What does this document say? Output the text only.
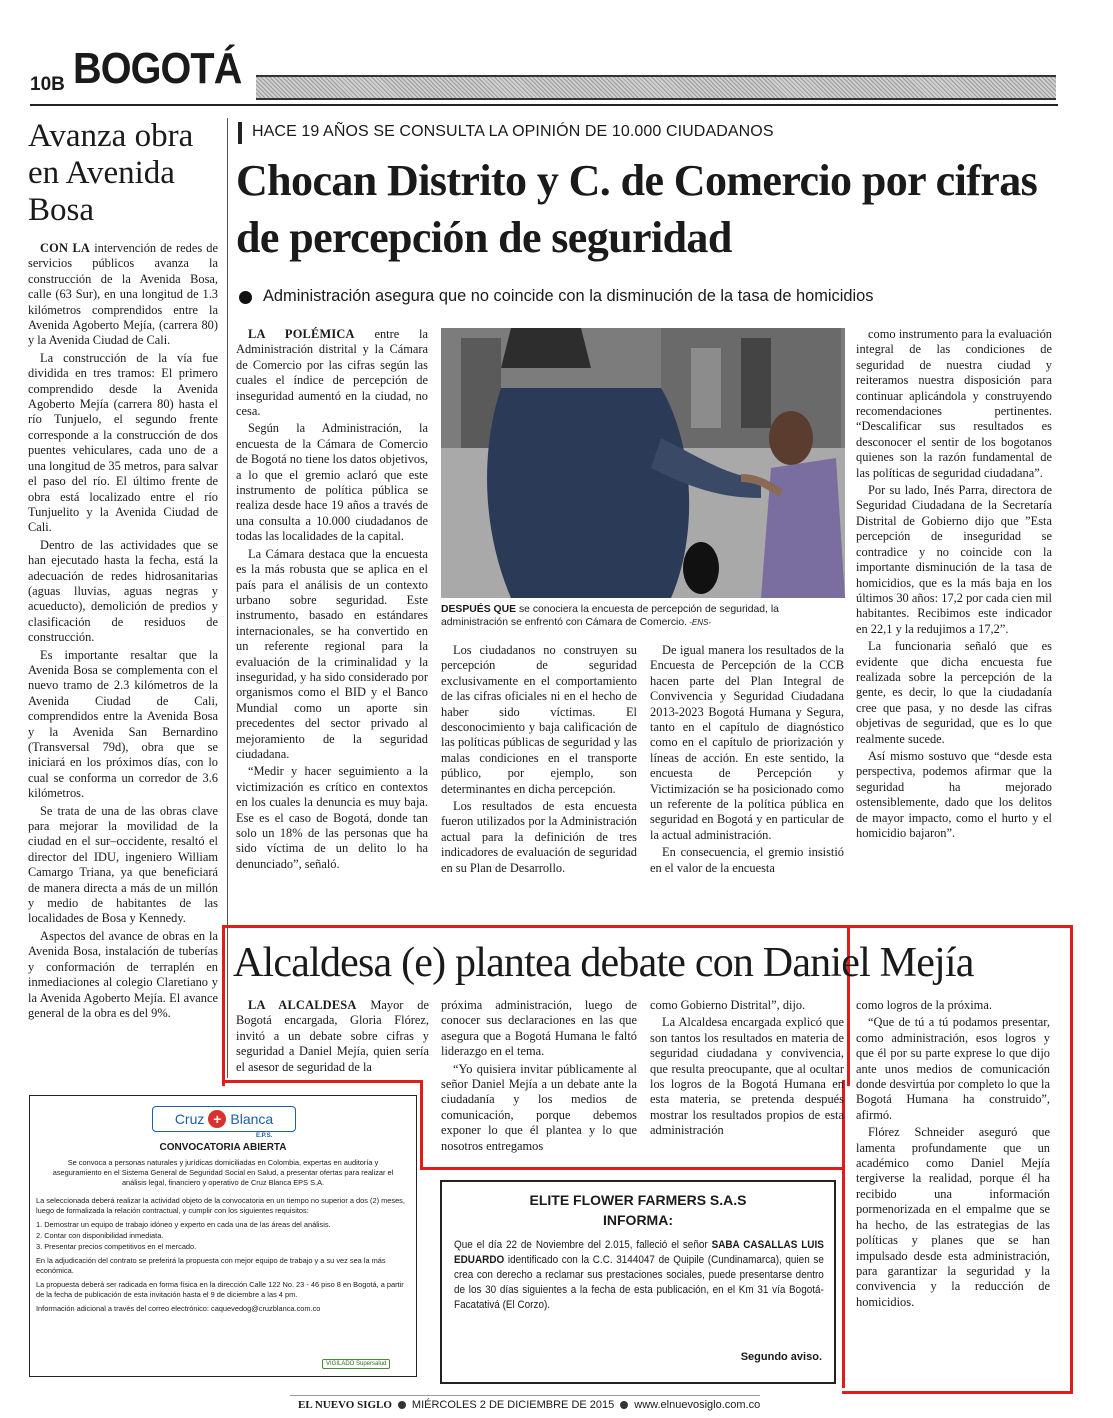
10B BOGOTÁ
Avanza obra en Avenida Bosa

CON LA intervención de redes de servicios públicos avanza la construcción de la Avenida Bosa, calle (63 Sur), en una longitud de 1.3 kilómetros comprendidos entre la Avenida Agoberto Mejía, (carrera 80) y la Avenida Ciudad de Cali.

La construcción de la vía fue dividida en tres tramos: El primero comprendido desde la Avenida Agoberto Mejía (carrera 80) hasta el río Tunjuelo, el segundo frente corresponde a la construcción de dos puentes vehiculares, cada uno de a una longitud de 35 metros, para salvar el paso del río. El último frente de obra está localizado entre el río Tunjuelito y la Avenida Ciudad de Cali.

Dentro de las actividades que se han ejecutado hasta la fecha, está la adecuación de redes hidrosanitarias (aguas lluvias, aguas negras y acueducto), demolición de predios y clasificación de residuos de construcción.

Es importante resaltar que la Avenida Bosa se complementa con el nuevo tramo de 2.3 kilómetros de la Avenida Ciudad de Cali, comprendidos entre la Avenida Bosa y la Avenida San Bernardino (Transversal 79d), obra que se iniciará en los próximos días, con lo cual se conforma un corredor de 3.6 kilómetros.

Se trata de una de las obras clave para mejorar la movilidad de la ciudad en el sur–occidente, resaltó el director del IDU, ingeniero William Camargo Triana, ya que beneficiará de manera directa a más de un millón y medio de habitantes de las localidades de Bosa y Kennedy.

Aspectos del avance de obras en la Avenida Bosa, instalación de tuberías y conformación de terraplén en inmediaciones al colegio Claretiano y la Avenida Agoberto Mejía. El avance general de la obra es del 9%.

HACE 19 AÑOS SE CONSULTA LA OPINIÓN DE 10.000 CIUDADANOS
Chocan Distrito y C. de Comercio por cifras de percepción de seguridad
Administración asegura que no coincide con la disminución de la tasa de homicidios

LA POLÉMICA entre la Administración distrital y la Cámara de Comercio por las cifras según las cuales el índice de percepción de inseguridad aumentó en la ciudad, no cesa.

Según la Administración, la encuesta de la Cámara de Comercio de Bogotá no tiene los datos objetivos, a lo que el gremio aclaró que este instrumento de política pública se realiza desde hace 19 años a través de una consulta a 10.000 ciudadanos de todas las localidades de la capital.

La Cámara destaca que la encuesta es la más robusta que se aplica en el país para el análisis de un contexto urbano sobre seguridad. Este instrumento, basado en estándares internacionales, se ha convertido en un referente regional para la evaluación de la criminalidad y la inseguridad, y ha sido considerado por organismos como el BID y el Banco Mundial como un aporte sin precedentes del sector privado al mejoramiento de la seguridad ciudadana.

“Medir y hacer seguimiento a la victimización es crítico en contextos en los cuales la denuncia es muy baja. Ese es el caso de Bogotá, donde tan solo un 18% de las personas que ha sido víctima de un delito lo ha denunciado”, señaló.

DESPUÉS QUE se conociera la encuesta de percepción de seguridad, la administración se enfrentó con Cámara de Comercio. -ENS-

Los ciudadanos no construyen su percepción de seguridad exclusivamente en el comportamiento de las cifras oficiales ni en el hecho de haber sido víctimas. El desconocimiento y baja calificación de las políticas públicas de seguridad y las malas condiciones en el transporte público, por ejemplo, son determinantes en dicha percepción.

Los resultados de esta encuesta fueron utilizados por la Administración actual para la definición de tres indicadores de evaluación de seguridad en su Plan de Desarrollo.

De igual manera los resultados de la Encuesta de Percepción de la CCB hacen parte del Plan Integral de Convivencia y Seguridad Ciudadana 2013-2023 Bogotá Humana y Segura, tanto en el capítulo de diagnóstico como en el capítulo de priorización y líneas de acción. En este sentido, la encuesta de Percepción y Victimización se ha posicionado como un referente de la política pública en seguridad en Bogotá y en particular de la actual administración.

En consecuencia, el gremio insistió en el valor de la encuesta

como instrumento para la evaluación integral de las condiciones de seguridad de nuestra ciudad y reiteramos nuestra disposición para continuar aplicándola y construyendo recomendaciones pertinentes. “Descalificar sus resultados es desconocer el sentir de los bogotanos quienes son la razón fundamental de las políticas de seguridad ciudadana”.

Por su lado, Inés Parra, directora de Seguridad Ciudadana de la Secretaría Distrital de Gobierno dijo que ”Esta percepción de inseguridad se contradice y no coincide con la importante disminución de la tasa de homicidios, que es la más baja en los últimos 30 años: 17,2 por cada cien mil habitantes. Recibimos este indicador en 22,1 y la redujimos a 17,2”.

La funcionaria señaló que es evidente que dicha encuesta fue realizada sobre la percepción de la gente, es decir, lo que la ciudadanía cree que pasa, y no desde las cifras objetivas de seguridad, que es lo que realmente sucede.

Así mismo sostuvo que “desde esta perspectiva, podemos afirmar que la seguridad ha mejorado ostensiblemente, dado que los delitos de mayor impacto, como el hurto y el homicidio bajaron”.

Alcaldesa (e) plantea debate con Daniel Mejía

LA ALCALDESA Mayor de Bogotá encargada, Gloria Flórez, invitó a un debate sobre cifras y seguridad a Daniel Mejía, quien sería el asesor de seguridad de la

próxima administración, luego de conocer sus declaraciones en las que asegura que a Bogotá Humana le faltó liderazgo en el tema.

“Yo quisiera invitar públicamente al señor Daniel Mejía a un debate ante la ciudadanía y los medios de comunicación, porque debemos exponer lo que él plantea y lo que nosotros entregamos

como Gobierno Distrital”, dijo.

La Alcaldesa encargada explicó que son tantos los resultados en materia de seguridad ciudadana y convivencia, que resulta preocupante, que al ocultar los logros de la Bogotá Humana en esta materia, se pretenda después mostrar los resultados propios de esta administración

como logros de la próxima.

“Que de tú a tú podamos presentar, como administración, esos logros y que él por su parte exprese lo que dijo ante unos medios de comunicación donde desvirtúa por completo lo que la Bogotá Humana ha construido”, afirmó.

Flórez Schneider aseguró que lamenta profundamente que un académico como Daniel Mejía tergiverse la realidad, porque él ha recibido una información pormenorizada en el empalme que se ha hecho, de las estrategias de las políticas y planes que se han impulsado desde esta administración, para garantizar la seguridad y la convivencia y la reducción de homicidios.

Cruz + Blanca
E.P.S.
CONVOCATORIA ABIERTA
Se convoca a personas naturales y jurídicas domiciliadas en Colombia, expertas en auditoría y aseguramiento en el Sistema General de Seguridad Social en Salud, a presentar ofertas para realizar el análisis legal, financiero y operativo de Cruz Blanca EPS S.A.

La seleccionada deberá realizar la actividad objeto de la convocatoria en un tiempo no superior a dos (2) meses, luego de formalizada la relación contractual, y cumplir con los siguientes requisitos:

1. Demostrar un equipo de trabajo idóneo y experto en cada una de las áreas del análisis.

2. Contar con disponibilidad inmediata.

3. Presentar precios competitivos en el mercado.

En la adjudicación del contrato se preferirá la propuesta con mejor equipo de trabajo y a su vez sea la más económica.

La propuesta deberá ser radicada en forma física en la dirección Calle 122 No. 23 - 46 piso 8 en Bogotá, a partir de la fecha de publicación de esta invitación hasta el 9 de diciembre a las 4 pm.

Información adicional a través del correo electrónico: caquevedog@cruzblanca.com.co

VIGILADO Supersalud
ELITE FLOWER FARMERS S.A.S
INFORMA:
Que el día 22 de Noviembre del 2.015, falleció el señor SABA CASALLAS LUIS EDUARDO identificado con la C.C. 3144047 de Quipile (Cundinamarca), quien se crea con derecho a reclamar sus prestaciones sociales, puede presentarse dentro de los 30 días siguientes a la fecha de esta publicación, en el Km 31 vía Bogotá-Facatativá (El Corzo).
Segundo aviso.
EL NUEVO SIGLO MIÉRCOLES 2 DE DICIEMBRE DE 2015 www.elnuevosiglo.com.co
